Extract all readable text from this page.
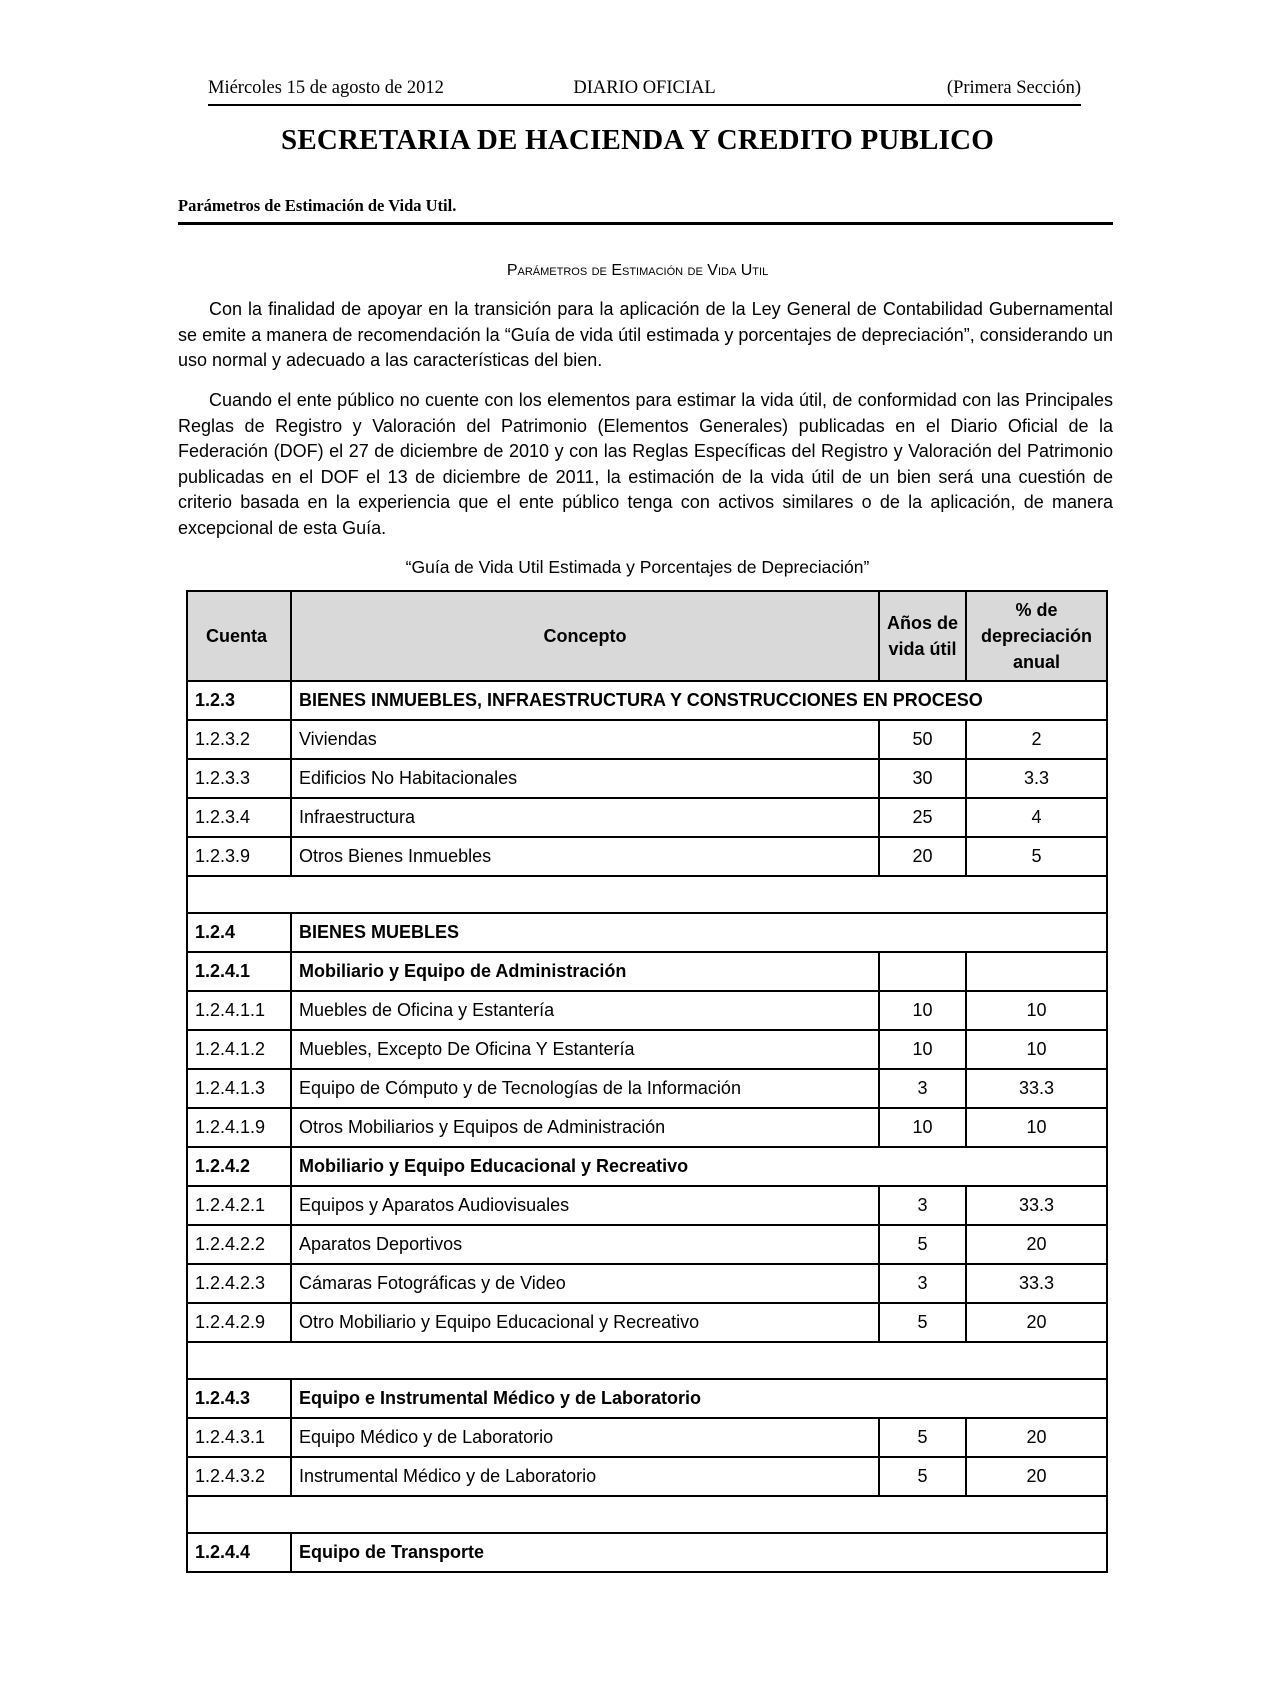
Miércoles 15 de agosto de 2012	DIARIO OFICIAL	(Primera Sección)
SECRETARIA DE HACIENDA Y CREDITO PUBLICO
Parámetros de Estimación de Vida Util.
Parámetros de Estimación de Vida Util

Con la finalidad de apoyar en la transición para la aplicación de la Ley General de Contabilidad Gubernamental se emite a manera de recomendación la “Guía de vida útil estimada y porcentajes de depreciación”, considerando un uso normal y adecuado a las características del bien.

Cuando el ente público no cuente con los elementos para estimar la vida útil, de conformidad con las Principales Reglas de Registro y Valoración del Patrimonio (Elementos Generales) publicadas en el Diario Oficial de la Federación (DOF) el 27 de diciembre de 2010 y con las Reglas Específicas del Registro y Valoración del Patrimonio publicadas en el DOF el 13 de diciembre de 2011, la estimación de la vida útil de un bien será una cuestión de criterio basada en la experiencia que el ente público tenga con activos similares o de la aplicación, de manera excepcional de esta Guía.

“Guía de Vida Util Estimada y Porcentajes de Depreciación”
Cuenta	Concepto	Años de vida útil	% de depreciación anual
1.2.3	BIENES INMUEBLES, INFRAESTRUCTURA Y CONSTRUCCIONES EN PROCESO		
1.2.3.2	Viviendas	50	2
1.2.3.3	Edificios No Habitacionales	30	3.3
1.2.3.4	Infraestructura	25	4
1.2.3.9	Otros Bienes Inmuebles	20	5

1.2.4	BIENES MUEBLES		
1.2.4.1	Mobiliario y Equipo de Administración		
1.2.4.1.1	Muebles de Oficina y Estantería	10	10
1.2.4.1.2	Muebles, Excepto De Oficina Y Estantería	10	10
1.2.4.1.3	Equipo de Cómputo y de Tecnologías de la Información	3	33.3
1.2.4.1.9	Otros Mobiliarios y Equipos de Administración	10	10
1.2.4.2	Mobiliario y Equipo Educacional y Recreativo		
1.2.4.2.1	Equipos y Aparatos Audiovisuales	3	33.3
1.2.4.2.2	Aparatos Deportivos	5	20
1.2.4.2.3	Cámaras Fotográficas y de Video	3	33.3
1.2.4.2.9	Otro Mobiliario y Equipo Educacional y Recreativo	5	20

1.2.4.3	Equipo e Instrumental Médico y de Laboratorio		
1.2.4.3.1	Equipo Médico y de Laboratorio	5	20
1.2.4.3.2	Instrumental Médico y de Laboratorio	5	20

1.2.4.4	Equipo de Transporte		
